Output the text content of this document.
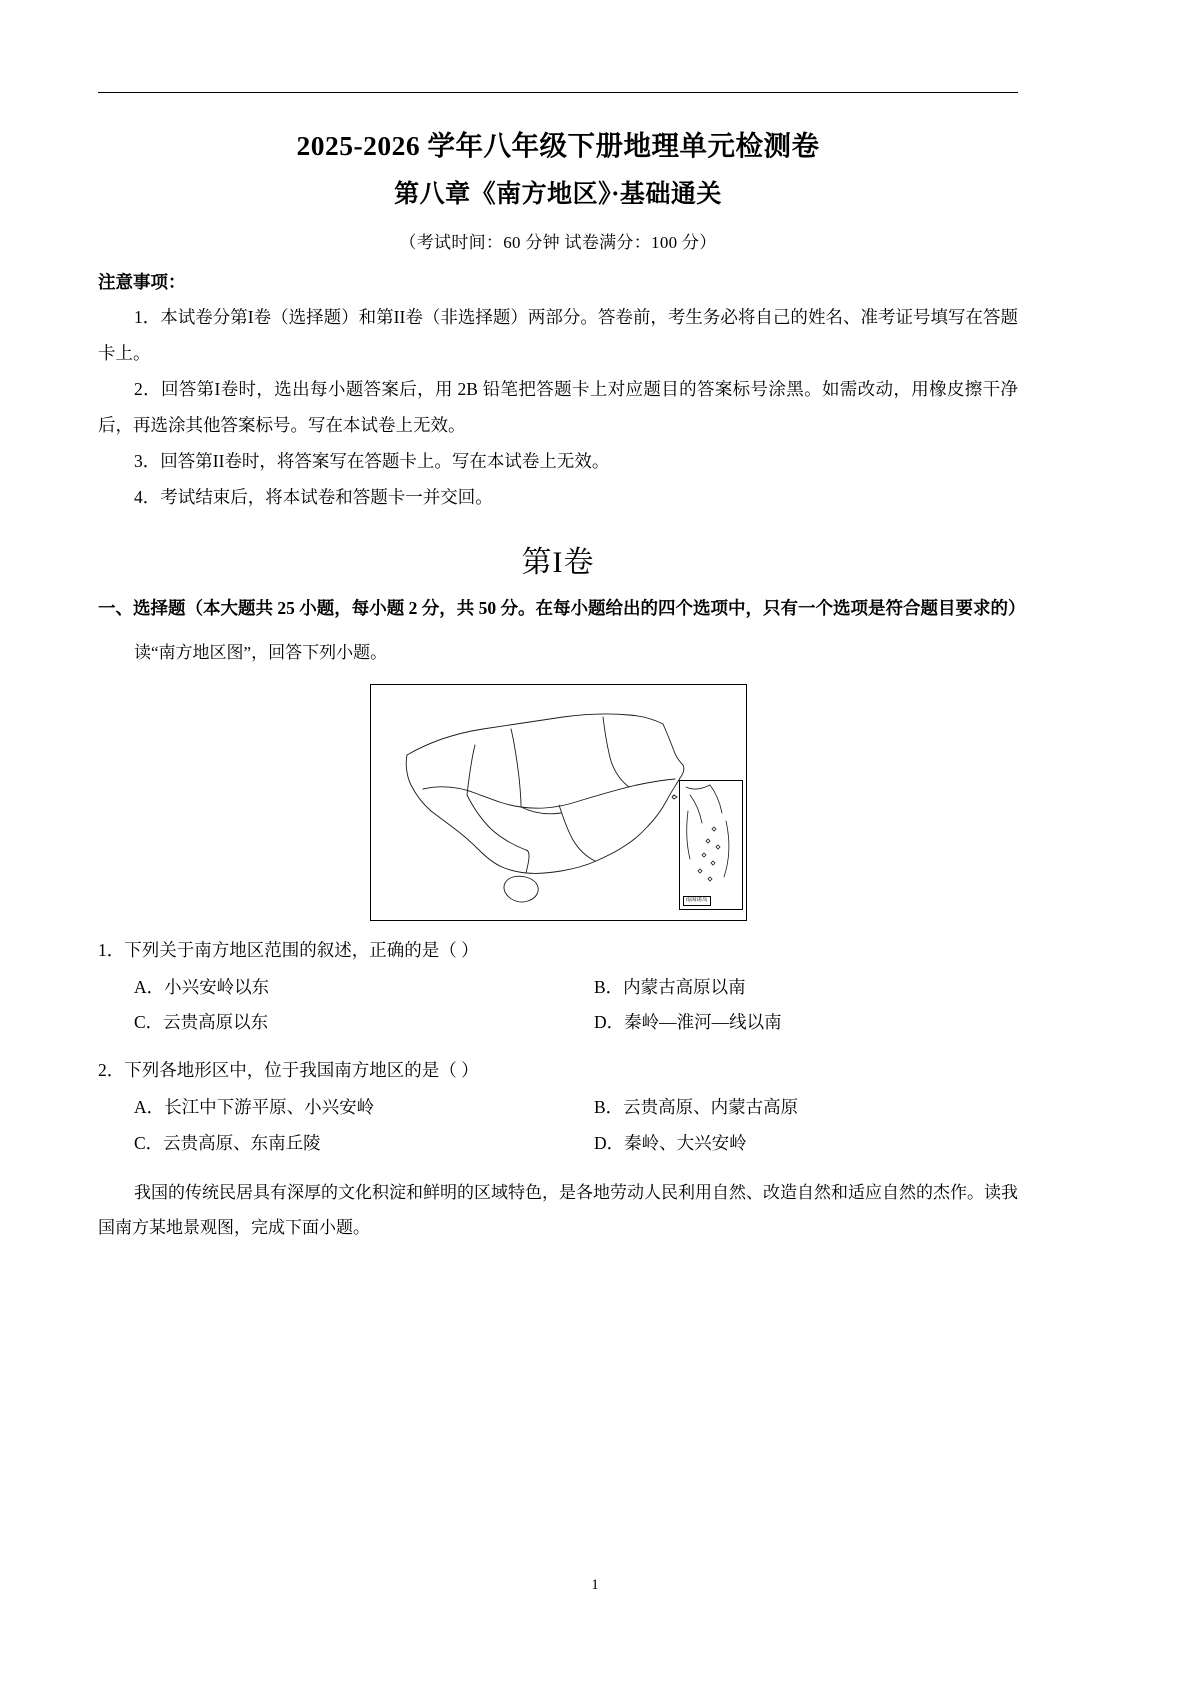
2025-2026 学年八年级下册地理单元检测卷
第八章《南方地区》·基础通关
（考试时间：60 分钟 试卷满分：100 分）
注意事项：
1．本试卷分第I卷（选择题）和第II卷（非选择题）两部分。答卷前，考生务必将自己的姓名、准考证号填写在答题卡上。
2．回答第I卷时，选出每小题答案后，用 2B 铅笔把答题卡上对应题目的答案标号涂黑。如需改动，用橡皮擦干净后，再选涂其他答案标号。写在本试卷上无效。
3．回答第II卷时，将答案写在答题卡上。写在本试卷上无效。
4．考试结束后，将本试卷和答题卡一并交回。
第I卷
一、选择题（本大题共 25 小题，每小题 2 分，共 50 分。在每小题给出的四个选项中，只有一个选项是符合题目要求的）
读“南方地区图”，回答下列小题。
南海诸岛
1．下列关于南方地区范围的叙述，正确的是（ ）
A．小兴安岭以东	B．内蒙古高原以南
C．云贵高原以东	D．秦岭—淮河—线以南
2．下列各地形区中，位于我国南方地区的是（ ）
A．长江中下游平原、小兴安岭	B．云贵高原、内蒙古高原
C．云贵高原、东南丘陵	D．秦岭、大兴安岭
我国的传统民居具有深厚的文化积淀和鲜明的区域特色，是各地劳动人民利用自然、改造自然和适应自然的杰作。读我国南方某地景观图，完成下面小题。
1
